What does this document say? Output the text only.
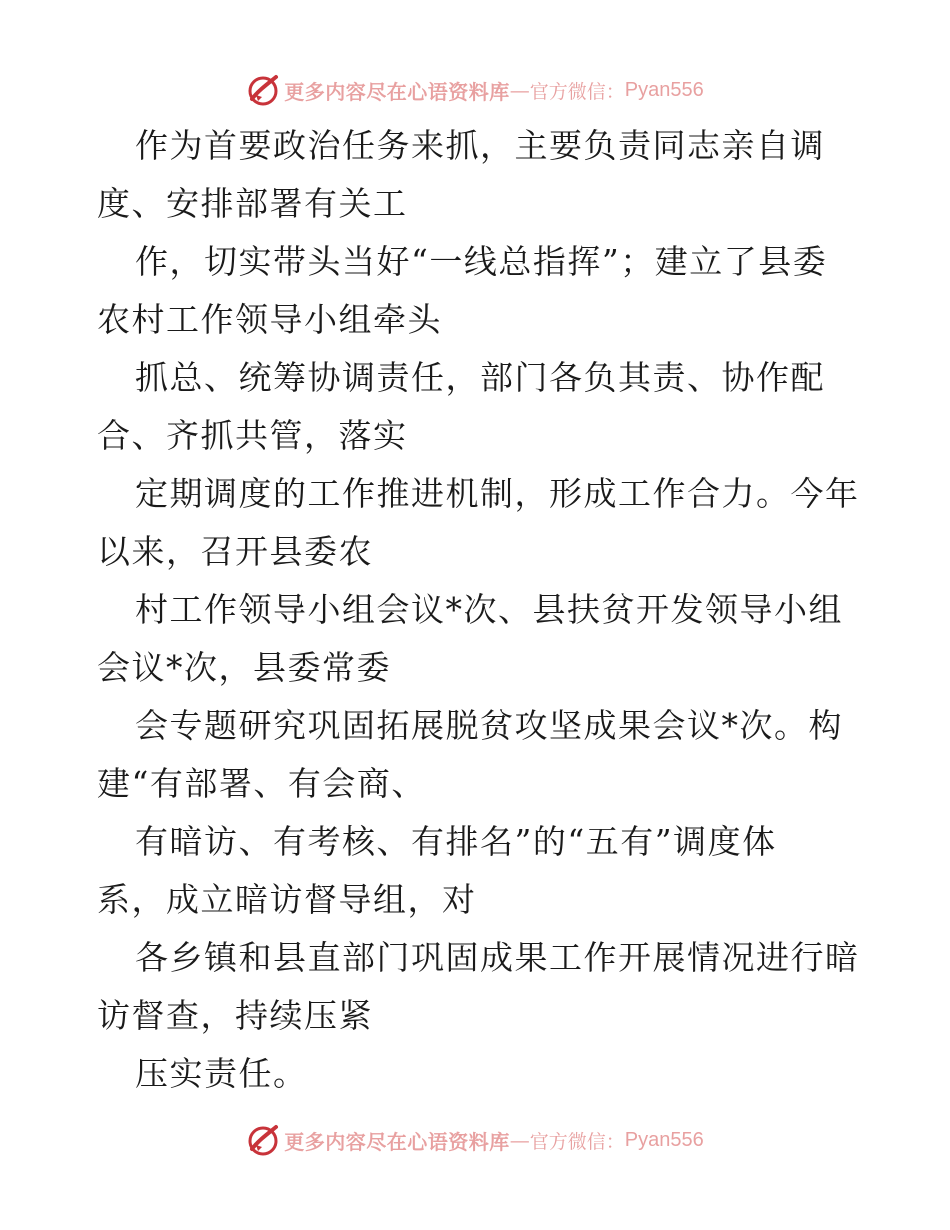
更多内容尽在心语资料库 — 官方微信： Pyan556
作为首要政治任务来抓，主要负责同志亲自调
度、安排部署有关工
作，切实带头当好“一线总指挥”；建立了县委
农村工作领导小组牵头
抓总、统筹协调责任，部门各负其责、协作配
合、齐抓共管，落实
定期调度的工作推进机制，形成工作合力。今年
以来，召开县委农
村工作领导小组会议*次、县扶贫开发领导小组
会议*次，县委常委
会专题研究巩固拓展脱贫攻坚成果会议*次。构
建“有部署、有会商、
有暗访、有考核、有排名”的“五有”调度体
系，成立暗访督导组，对
各乡镇和县直部门巩固成果工作开展情况进行暗
访督查，持续压紧
压实责任。
更多内容尽在心语资料库 — 官方微信： Pyan556
